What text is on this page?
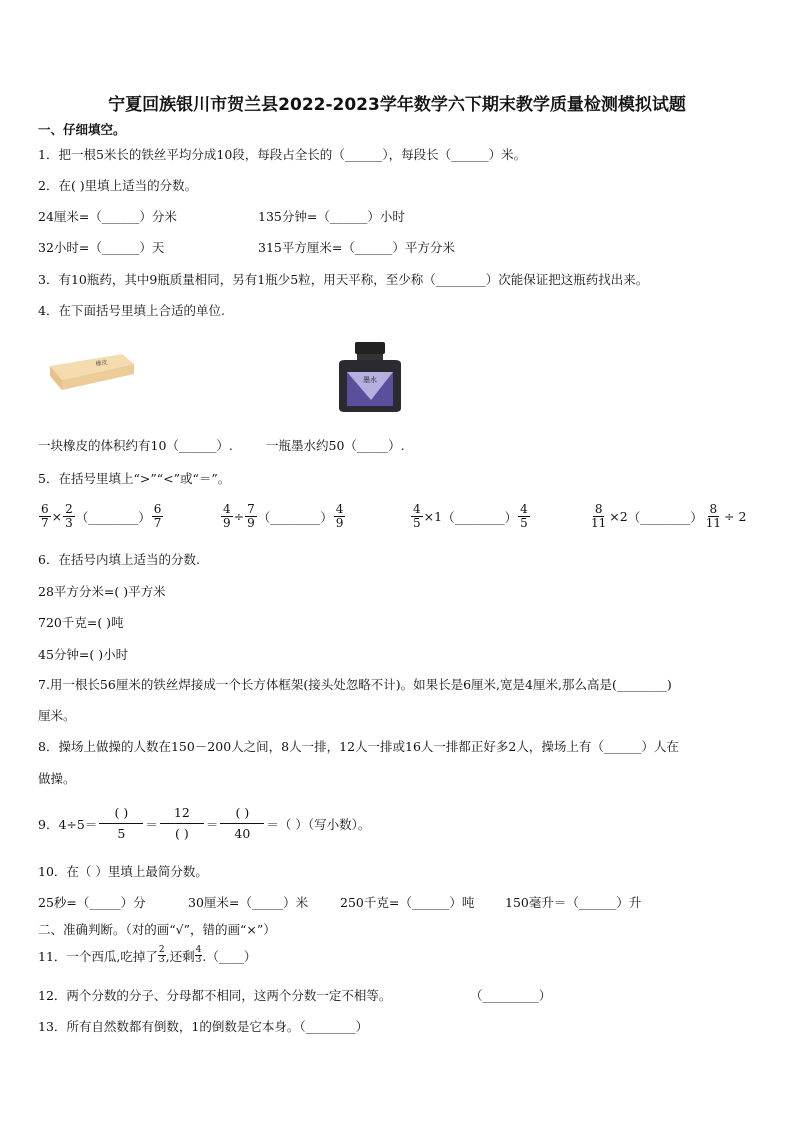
宁夏回族银川市贺兰县2022-2023学年数学六下期末教学质量检测模拟试题
一、仔细填空。
1．把一根5米长的铁丝平均分成10段，每段占全长的（______），每段长（______）米。
2．在( )里填上适当的分数。
24厘米=（______）分米	135分钟=（______）小时
32小时=（______）天	315平方厘米=（______）平方分米
3．有10瓶药，其中9瓶质量相同，另有1瓶少5粒，用天平称，至少称（________）次能保证把这瓶药找出来。
4．在下面括号里填上合适的单位.
橡皮
墨水
一块橡皮的体积约有10（______）.	一瓶墨水约50（_____）.
5．在括号里填上“>”“<”或“＝”。
$\frac{6}{7} \times \frac{2}{3}$ （________） $\frac{6}{7}$	$\frac{4}{9} \div \frac{7}{9}$ （________） $\frac{4}{9}$	$\frac{4}{5} \times 1$ （________） $\frac{4}{5}$	$\frac{8}{11} \times 2$ （________） $\frac{8}{11} \div 2$
6．在括号内填上适当的分数.
28平方分米=( )平方米
720千克=( )吨
45分钟=( )小时
7.用一根长56厘米的铁丝焊接成一个长方体框架(接头处忽略不计)。如果长是6厘米,宽是4厘米,那么高是(________)
厘米。
8．操场上做操的人数在150－200人之间，8人一排，12人一排或16人一排都正好多2人，操场上有（______）人在
做操。
9．4÷5＝
( )
5
＝
12
( )
＝
( )
40
＝（ ）（写小数）。
10．在（ ）里填上最简分数。
25秒=（_____）分	30厘米=（_____）米	250千克=（______）吨 150毫升＝（______）升
二、准确判断。（对的画“√”，错的画“×”）
11．一个西瓜,吃掉了 2
3 ,还剩 4
3 .（____）
12．两个分数的分子、分母都不相同，这两个分数一定不相等。	（_________）
13．所有自然数都有倒数，1的倒数是它本身。（________）
